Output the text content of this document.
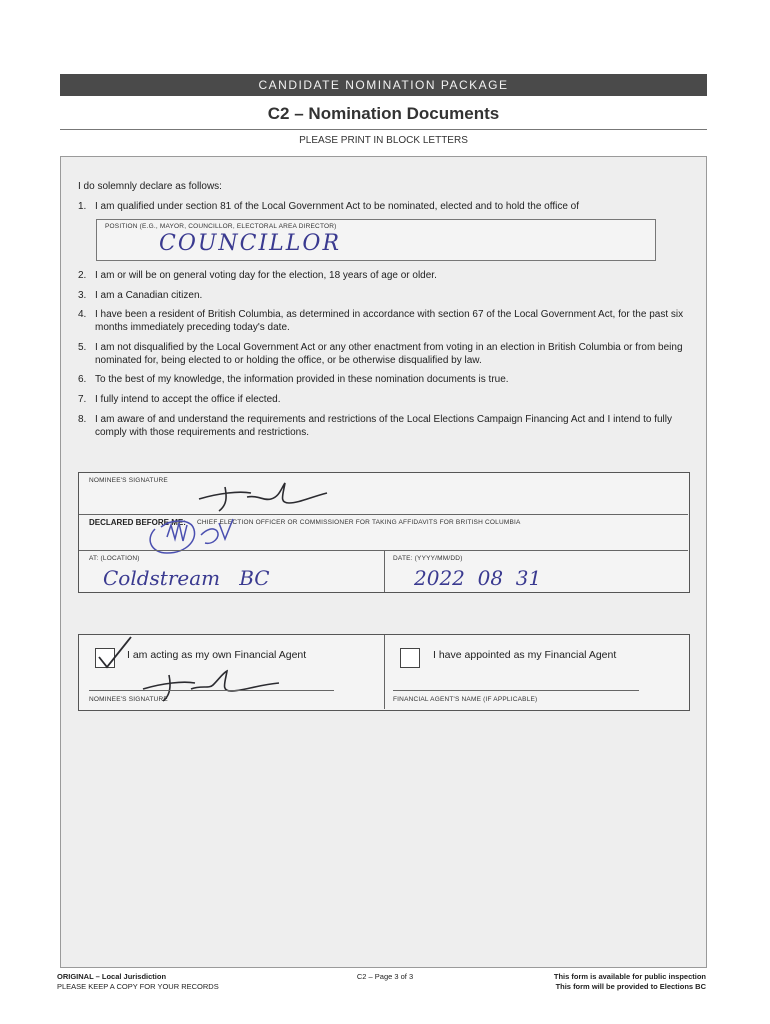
CANDIDATE NOMINATION PACKAGE
C2 – Nomination Documents
PLEASE PRINT IN BLOCK LETTERS
I do solemnly declare as follows:
1. I am qualified under section 81 of the Local Government Act to be nominated, elected and to hold the office of
POSITION (E.G., MAYOR, COUNCILLOR, ELECTORAL AREA DIRECTOR)
COUNCILLOR
2. I am or will be on general voting day for the election, 18 years of age or older.
3. I am a Canadian citizen.
4. I have been a resident of British Columbia, as determined in accordance with section 67 of the Local Government Act, for the past six months immediately preceding today's date.
5. I am not disqualified by the Local Government Act or any other enactment from voting in an election in British Columbia or from being nominated for, being elected to or holding the office, or be otherwise disqualified by law.
6. To the best of my knowledge, the information provided in these nomination documents is true.
7. I fully intend to accept the office if elected.
8. I am aware of and understand the requirements and restrictions of the Local Elections Campaign Financing Act and I intend to fully comply with those requirements and restrictions.
NOMINEE'S SIGNATURE
DECLARED BEFORE ME: CHIEF ELECTION OFFICER OR COMMISSIONER FOR TAKING AFFIDAVITS FOR BRITISH COLUMBIA
AT: (LOCATION)
Coldstream   BC
DATE: (YYYY/MM/DD)
2022  08  31
I am acting as my own Financial Agent
NOMINEE'S SIGNATURE
I have appointed as my Financial Agent
FINANCIAL AGENT'S NAME (IF APPLICABLE)
ORIGINAL – Local Jurisdiction
PLEASE KEEP A COPY FOR YOUR RECORDS
C2 – Page 3 of 3	This form is available for public inspection
This form will be provided to Elections BC
